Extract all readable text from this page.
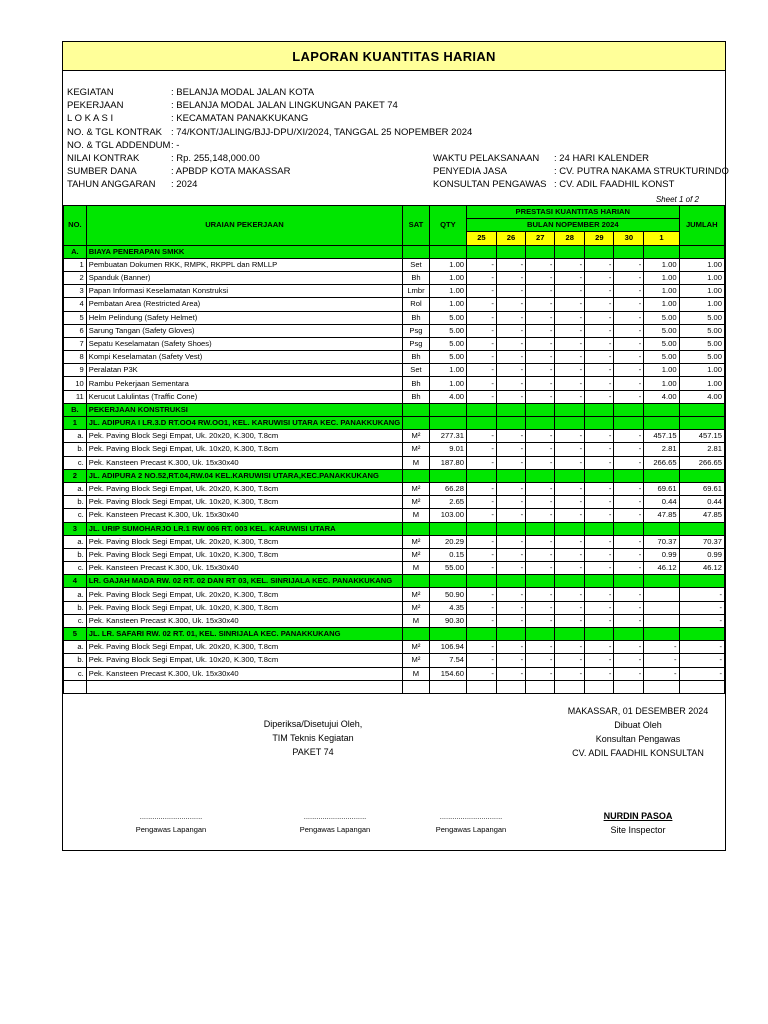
LAPORAN KUANTITAS HARIAN
KEGIATAN	: BELANJA MODAL JALAN KOTA
PEKERJAAN	: BELANJA MODAL JALAN LINGKUNGAN PAKET 74
L O K A S I	: KECAMATAN PANAKKUKANG
NO. & TGL KONTRAK : 74/KONT/JALING/BJJ-DPU/XI/2024, TANGGAL 25 NOPEMBER 2024
NO. & TGL ADDENDUM : -
NILAI KONTRAK	: Rp. 255,148,000.00
SUMBER DANA	: APBDP KOTA MAKASSAR
TAHUN ANGGARAN : 2024
WAKTU PELAKSANAAN : 24 HARI KALENDER
PENYEDIA JASA	: CV. PUTRA NAKAMA STRUKTURINDO
KONSULTAN PENGAWAS : CV. ADIL FAADHIL KONST
Sheet 1 of 2
NO.	URAIAN PEKERJAAN	SAT	QTY	PRESTASI KUANTITAS HARIAN							JUMLAH
				BULAN NOPEMBER 2024							
				25	26	27	28	29	30	1	
A.	BIAYA PENERAPAN SMKK										
1	Pembuatan Dokumen RKK, RMPK, RKPPL dan RMLLP	Set	1.00	-	-	-	-	-	-	1.00	1.00
2	Spanduk (Banner)	Bh	1.00	-	-	-	-	-	-	1.00	1.00
3	Papan Informasi Keselamatan Konstruksi	Lmbr	1.00	-	-	-	-	-	-	1.00	1.00
4	Pembatan Area (Restricted Area)	Rol	1.00	-	-	-	-	-	-	1.00	1.00
5	Helm Pelindung (Safety Helmet)	Bh	5.00	-	-	-	-	-	-	5.00	5.00
6	Sarung Tangan (Safety Gloves)	Psg	5.00	-	-	-	-	-	-	5.00	5.00
7	Sepatu Keselamatan (Safety Shoes)	Psg	5.00	-	-	-	-	-	-	5.00	5.00
8	Kompi Keselamatan (Safety Vest)	Bh	5.00	-	-	-	-	-	-	5.00	5.00
9	Peralatan P3K	Set	1.00	-	-	-	-	-	-	1.00	1.00
10	Rambu Pekerjaan Sementara	Bh	1.00	-	-	-	-	-	-	1.00	1.00
11	Kerucut Lalulintas (Traffic Cone)	Bh	4.00	-	-	-	-	-	-	4.00	4.00
B.	PEKERJAAN KONSTRUKSI										
1	JL. ADIPURA I LR.3.D RT.OO4 RW.OO1, KEL. KARUWISI UTARA KEC. PANAKKUKANG										
a.	Pek. Paving Block Segi Empat, Uk. 20x20, K.300, T.8cm	M²	277.31	-	-	-	-	-	-	457.15	457.15
b.	Pek. Paving Block Segi Empat, Uk. 10x20, K.300, T.8cm	M²	9.01	-	-	-	-	-	-	2.81	2.81
c.	Pek. Kansteen Precast K.300, Uk. 15x30x40	M	187.80	-	-	-	-	-	-	266.65	266.65
2	JL. ADIPURA 2 NO.52,RT.04,RW.04 KEL.KARUWISI UTARA,KEC.PANAKKUKANG										
a.	Pek. Paving Block Segi Empat, Uk. 20x20, K.300, T.8cm	M²	66.28	-	-	-	-	-	-	69.61	69.61
b.	Pek. Paving Block Segi Empat, Uk. 10x20, K.300, T.8cm	M²	2.65	-	-	-	-	-	-	0.44	0.44
c.	Pek. Kansteen Precast K.300, Uk. 15x30x40	M	103.00	-	-	-	-	-	-	47.85	47.85
3	JL. URIP SUMOHARJO LR.1 RW 006 RT. 003 KEL. KARUWISI UTARA										
a.	Pek. Paving Block Segi Empat, Uk. 20x20, K.300, T.8cm	M²	20.29	-	-	-	-	-	-	70.37	70.37
b.	Pek. Paving Block Segi Empat, Uk. 10x20, K.300, T.8cm	M²	0.15	-	-	-	-	-	-	0.99	0.99
c.	Pek. Kansteen Precast K.300, Uk. 15x30x40	M	55.00	-	-	-	-	-	-	46.12	46.12
4	LR. GAJAH MADA RW. 02 RT. 02 DAN RT 03, KEL. SINRIJALA KEC. PANAKKUKANG										
a.	Pek. Paving Block Segi Empat, Uk. 20x20, K.300, T.8cm	M²	50.90	-	-	-	-	-	-		-
b.	Pek. Paving Block Segi Empat, Uk. 10x20, K.300, T.8cm	M²	4.35	-	-	-	-	-	-		-
c.	Pek. Kansteen Precast K.300, Uk. 15x30x40	M	90.30	-	-	-	-	-	-		-
5	JL. LR. SAFARI RW. 02 RT. 01, KEL. SINRIJALA KEC. PANAKKUKANG										
a.	Pek. Paving Block Segi Empat, Uk. 20x20, K.300, T.8cm	M²	106.94	-	-	-	-	-	-	-	-
b.	Pek. Paving Block Segi Empat, Uk. 10x20, K.300, T.8cm	M²	7.54	-	-	-	-	-	-	-	-
c.	Pek. Kansteen Precast K.300, Uk. 15x30x40	M	154.60	-	-	-	-	-	-	-	-

Diperiksa/Disetujui Oleh,
TIM Teknis Kegiatan
PAKET 74
MAKASSAR, 01 DESEMBER 2024
Dibuat Oleh
Konsultan Pengawas
CV. ADIL FAADHIL KONSULTAN
..............................
Pengawas Lapangan
..............................
Pengawas Lapangan
..............................
Pengawas Lapangan
NURDIN PASOA
Site Inspector
